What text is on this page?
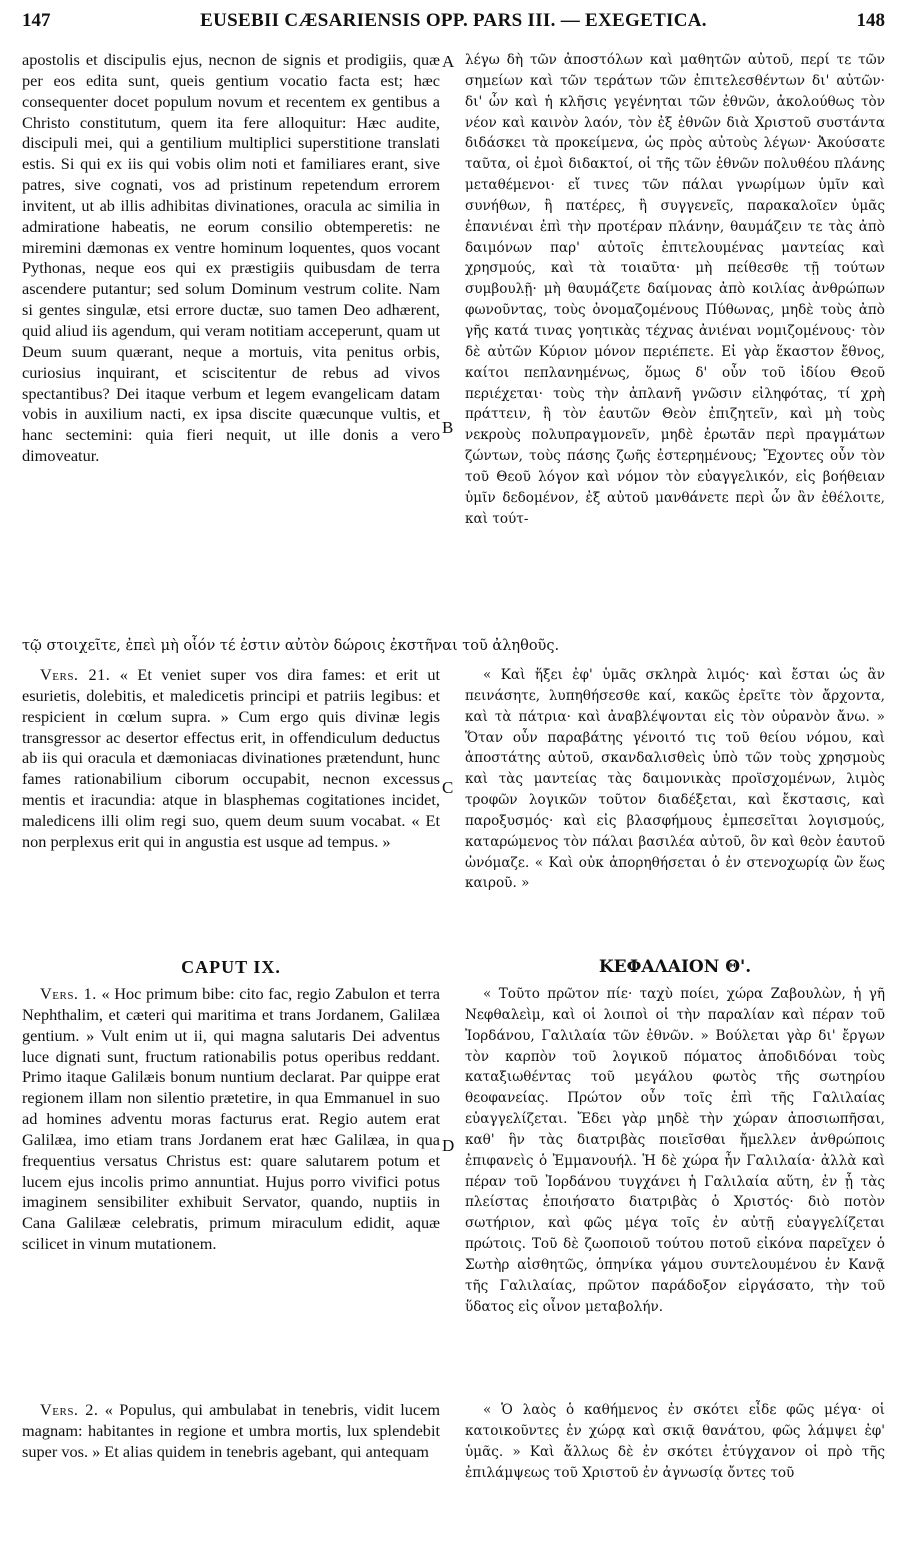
147	EUSEBII CÆSARIENSIS OPP. PARS III. — EXEGETICA.	148

apostolis et discipulis ejus, necnon de signis et prodigiis, quæ per eos edita sunt, queis gentium vocatio facta est; hæc consequenter docet populum novum et recentem ex gentibus a Christo constitutum, quem ita fere alloquitur: Hæc audite, discipuli mei, qui a gentilium multiplici superstitione translati estis. Si qui ex iis qui vobis olim noti et familiares erant, sive patres, sive cognati, vos ad pristinum repetendum errorem invitent, ut ab illis adhibitas divinationes, oracula ac similia in admiratione habeatis, ne eorum consilio obtemperetis: ne miremini dæmonas ex ventre hominum loquentes, quos vocant Pythonas, neque eos qui ex præstigiis quibusdam de terra ascendere putantur; sed solum Dominum vestrum colite. Nam si gentes singulæ, etsi errore ductæ, suo tamen Deo adhærent, quid aliud iis agendum, qui veram notitiam acceperunt, quam ut Deum suum quærant, neque a mortuis, vita penitus orbis, curiosius inquirant, et sciscitentur de rebus ad vivos spectantibus? Dei itaque verbum et legem evangelicam datam vobis in auxilium nacti, ex ipsa discite quæcunque vultis, et hanc sectemini: quia fieri nequit, ut ille donis a vero dimoveatur.

τῷ στοιχεῖτε, ἐπεὶ μὴ οἷόν τέ ἐστιν αὐτὸν δώροις ἐκστῆναι τοῦ ἀληθοῦς.

Vers. 21. « Et veniet super vos dira fames: et erit ut esurietis, dolebitis, et maledicetis principi et patriis legibus: et respicient in cœlum supra. » Cum ergo quis divinæ legis transgressor ac desertor effectus erit, in offendiculum deductus ab iis qui oracula et dæmoniacas divinationes prætendunt, hunc fames rationabilium ciborum occupabit, necnon excessus mentis et iracundia: atque in blasphemas cogitationes incidet, maledicens illi olim regi suo, quem deum suum vocabat. « Et non perplexus erit qui in angustia est usque ad tempus. »

CAPUT IX.

Vers. 1. « Hoc primum bibe: cito fac, regio Zabulon et terra Nephthalim, et cæteri qui maritima et trans Jordanem, Galilæa gentium. » Vult enim ut ii, qui magna salutaris Dei adventus luce dignati sunt, fructum rationabilis potus operibus reddant. Primo itaque Galilæis bonum nuntium declarat. Par quippe erat regionem illam non silentio prætetire, in qua Emmanuel in suo ad homines adventu moras facturus erat. Regio autem erat Galilæa, imo etiam trans Jordanem erat hæc Galilæa, in qua frequentius versatus Christus est: quare salutarem potum et lucem ejus incolis primo annuntiat. Hujus porro vivifici potus imaginem sensibiliter exhibuit Servator, quando, nuptiis in Cana Galilææ celebratis, primum miraculum edidit, aquæ scilicet in vinum mutationem.

Vers. 2. « Populus, qui ambulabat in tenebris, vidit lucem magnam: habitantes in regione et umbra mortis, lux splendebit super vos. » Et alias quidem in tenebris agebant, qui antequam

A
B
C
D

λέγω δὴ τῶν ἀποστόλων καὶ μαθητῶν αὐτοῦ, περί τε τῶν σημείων καὶ τῶν τεράτων τῶν ἐπιτελεσθέντων δι' αὐτῶν· δι' ὧν καὶ ἡ κλῆσις γεγένηται τῶν ἐθνῶν, ἀκολούθως τὸν νέον καὶ καινὸν λαόν, τὸν ἐξ ἐθνῶν διὰ Χριστοῦ συστάντα διδάσκει τὰ προκείμενα, ὡς πρὸς αὐτοὺς λέγων· Ἀκούσατε ταῦτα, οἱ ἐμοὶ διδακτοί, οἱ τῆς τῶν ἐθνῶν πολυθέου πλάνης μεταθέμενοι· εἴ τινες τῶν πάλαι γνωρίμων ὑμῖν καὶ συνήθων, ἢ πατέρες, ἢ συγγενεῖς, παρακαλοῖεν ὑμᾶς ἐπανιέναι ἐπὶ τὴν προτέραν πλάνην, θαυμάζειν τε τὰς ἀπὸ δαιμόνων παρ' αὐτοῖς ἐπιτελουμένας μαντείας καὶ χρησμούς, καὶ τὰ τοιαῦτα· μὴ πείθεσθε τῇ τούτων συμβουλῇ· μὴ θαυμάζετε δαίμονας ἀπὸ κοιλίας ἀνθρώπων φωνοῦντας, τοὺς ὀνομαζομένους Πύθωνας, μηδὲ τοὺς ἀπὸ γῆς κατά τινας γοητικὰς τέχνας ἀνιέναι νομιζομένους· τὸν δὲ αὐτῶν Κύριον μόνον περιέπετε. Εἰ γὰρ ἕκαστον ἔθνος, καίτοι πεπλανημένως, ὅμως δ' οὖν τοῦ ἰδίου Θεοῦ περιέχεται· τοὺς τὴν ἀπλανῆ γνῶσιν εἰληφότας, τί χρὴ πράττειν, ἢ τὸν ἑαυτῶν Θεὸν ἐπιζητεῖν, καὶ μὴ τοὺς νεκροὺς πολυπραγμονεῖν, μηδὲ ἐρωτᾶν περὶ πραγμάτων ζώντων, τοὺς πάσης ζωῆς ἐστερημένους; Ἔχοντες οὖν τὸν τοῦ Θεοῦ λόγον καὶ νόμον τὸν εὐαγγελικόν, εἰς βοήθειαν ὑμῖν δεδομένον, ἐξ αὐτοῦ μανθάνετε περὶ ὧν ἂν ἐθέλοιτε, καὶ τούτ-

« Καὶ ἥξει ἐφ' ὑμᾶς σκληρὰ λιμός· καὶ ἔσται ὡς ἂν πεινάσητε, λυπηθήσεσθε καί, κακῶς ἐρεῖτε τὸν ἄρχοντα, καὶ τὰ πάτρια· καὶ ἀναβλέψονται εἰς τὸν οὐρανὸν ἄνω. » Ὅταν οὖν παραβάτης γένοιτό τις τοῦ θείου νόμου, καὶ ἀποστάτης αὐτοῦ, σκανδαλισθεὶς ὑπὸ τῶν τοὺς χρησμοὺς καὶ τὰς μαντείας τὰς δαιμονικὰς προϊσχομένων, λιμὸς τροφῶν λογικῶν τοῦτον διαδέξεται, καὶ ἔκστασις, καὶ παροξυσμός· καὶ εἰς βλασφήμους ἐμπεσεῖται λογισμούς, καταρώμενος τὸν πάλαι βασιλέα αὐτοῦ, ὃν καὶ θεὸν ἑαυτοῦ ὠνόμαζε. « Καὶ οὐκ ἀπορηθήσεται ὁ ἐν στενοχωρίᾳ ὢν ἕως καιροῦ. »

ΚΕΦΑΛΑΙΟΝ Θ'.

« Τοῦτο πρῶτον πίε· ταχὺ ποίει, χώρα Ζαβουλὼν, ἡ γῆ Νεφθαλεὶμ, καὶ οἱ λοιποὶ οἱ τὴν παραλίαν καὶ πέραν τοῦ Ἰορδάνου, Γαλιλαία τῶν ἐθνῶν. » Βούλεται γὰρ δι' ἔργων τὸν καρπὸν τοῦ λογικοῦ πόματος ἀποδιδόναι τοὺς καταξιωθέντας τοῦ μεγάλου φωτὸς τῆς σωτηρίου θεοφανείας. Πρώτον οὖν τοῖς ἐπὶ τῆς Γαλιλαίας εὐαγγελίζεται. Ἔδει γὰρ μηδὲ τὴν χώραν ἀποσιωπῆσαι, καθ' ἣν τὰς διατριβὰς ποιεῖσθαι ἤμελλεν ἀνθρώποις ἐπιφανεὶς ὁ Ἐμμανουήλ. Ἡ δὲ χώρα ἦν Γαλιλαία· ἀλλὰ καὶ πέραν τοῦ Ἰορδάνου τυγχάνει ἡ Γαλιλαία αὕτη, ἐν ᾗ τὰς πλείστας ἐποιήσατο διατριβὰς ὁ Χριστός· διὸ ποτὸν σωτήριον, καὶ φῶς μέγα τοῖς ἐν αὐτῇ εὐαγγελίζεται πρώτοις. Τοῦ δὲ ζωοποιοῦ τούτου ποτοῦ εἰκόνα παρεῖχεν ὁ Σωτὴρ αἰσθητῶς, ὁπηνίκα γάμου συντελουμένου ἐν Κανᾷ τῆς Γαλιλαίας, πρῶτον παράδοξον εἰργάσατο, τὴν τοῦ ὕδατος εἰς οἶνον μεταβολήν.

« Ὁ λαὸς ὁ καθήμενος ἐν σκότει εἶδε φῶς μέγα· οἱ κατοικοῦντες ἐν χώρᾳ καὶ σκιᾷ θανάτου, φῶς λάμψει ἐφ' ὑμᾶς. » Καὶ ἄλλως δὲ ἐν σκότει ἐτύγχανον οἱ πρὸ τῆς ἐπιλάμψεως τοῦ Χριστοῦ ἐν ἀγνωσίᾳ ὄντες τοῦ
